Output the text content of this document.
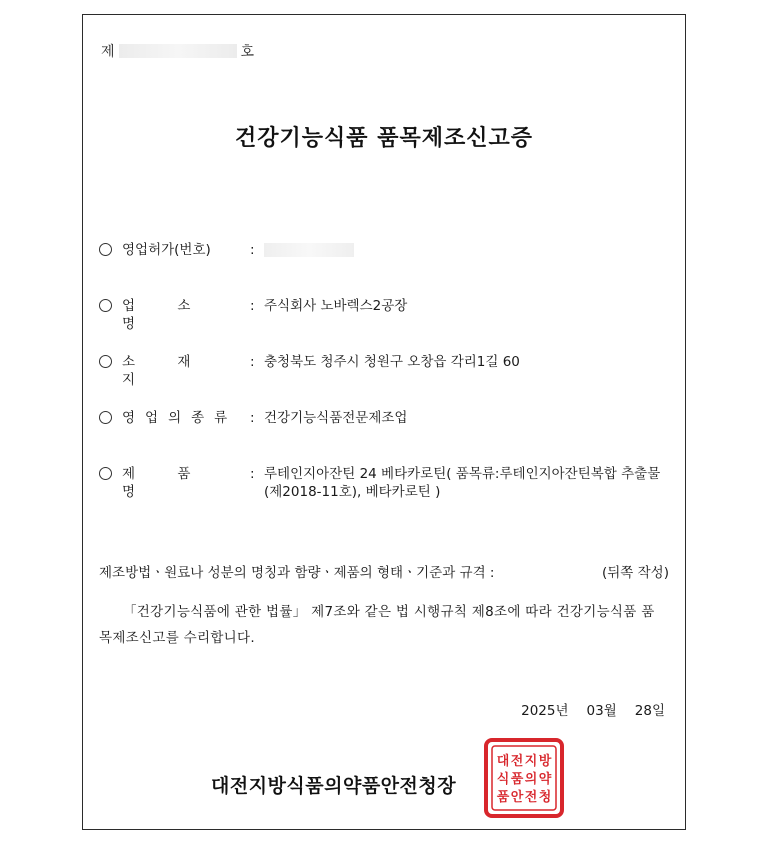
제	호
건강기능식품 품목제조신고증
영업허가(번호)	:
업 소 명
: 주식회사 노바렉스2공장
소 재 지
: 충청북도 청주시 청원구 오창읍 각리1길 60
영업의종류 : 건강기능식품전문제조업
제 품 명
: 루테인지아잔틴 24 베타카로틴( 품목류:루테인지아잔틴복합 추출물(제2018-11호), 베타카로틴 )
제조방법ㆍ원료나 성분의 명칭과 함량ㆍ제품의 형태ㆍ기준과 규격 :	(뒤쪽 작성)
「건강기능식품에 관한 법률」 제7조와 같은 법 시행규칙 제8조에 따라 건강기능식품 품목제조신고를 수리합니다.
2025년 03월 28일
대전지방식품의약품안전청장
대 전 지 방
식 품 의 약
품 안 전 청
